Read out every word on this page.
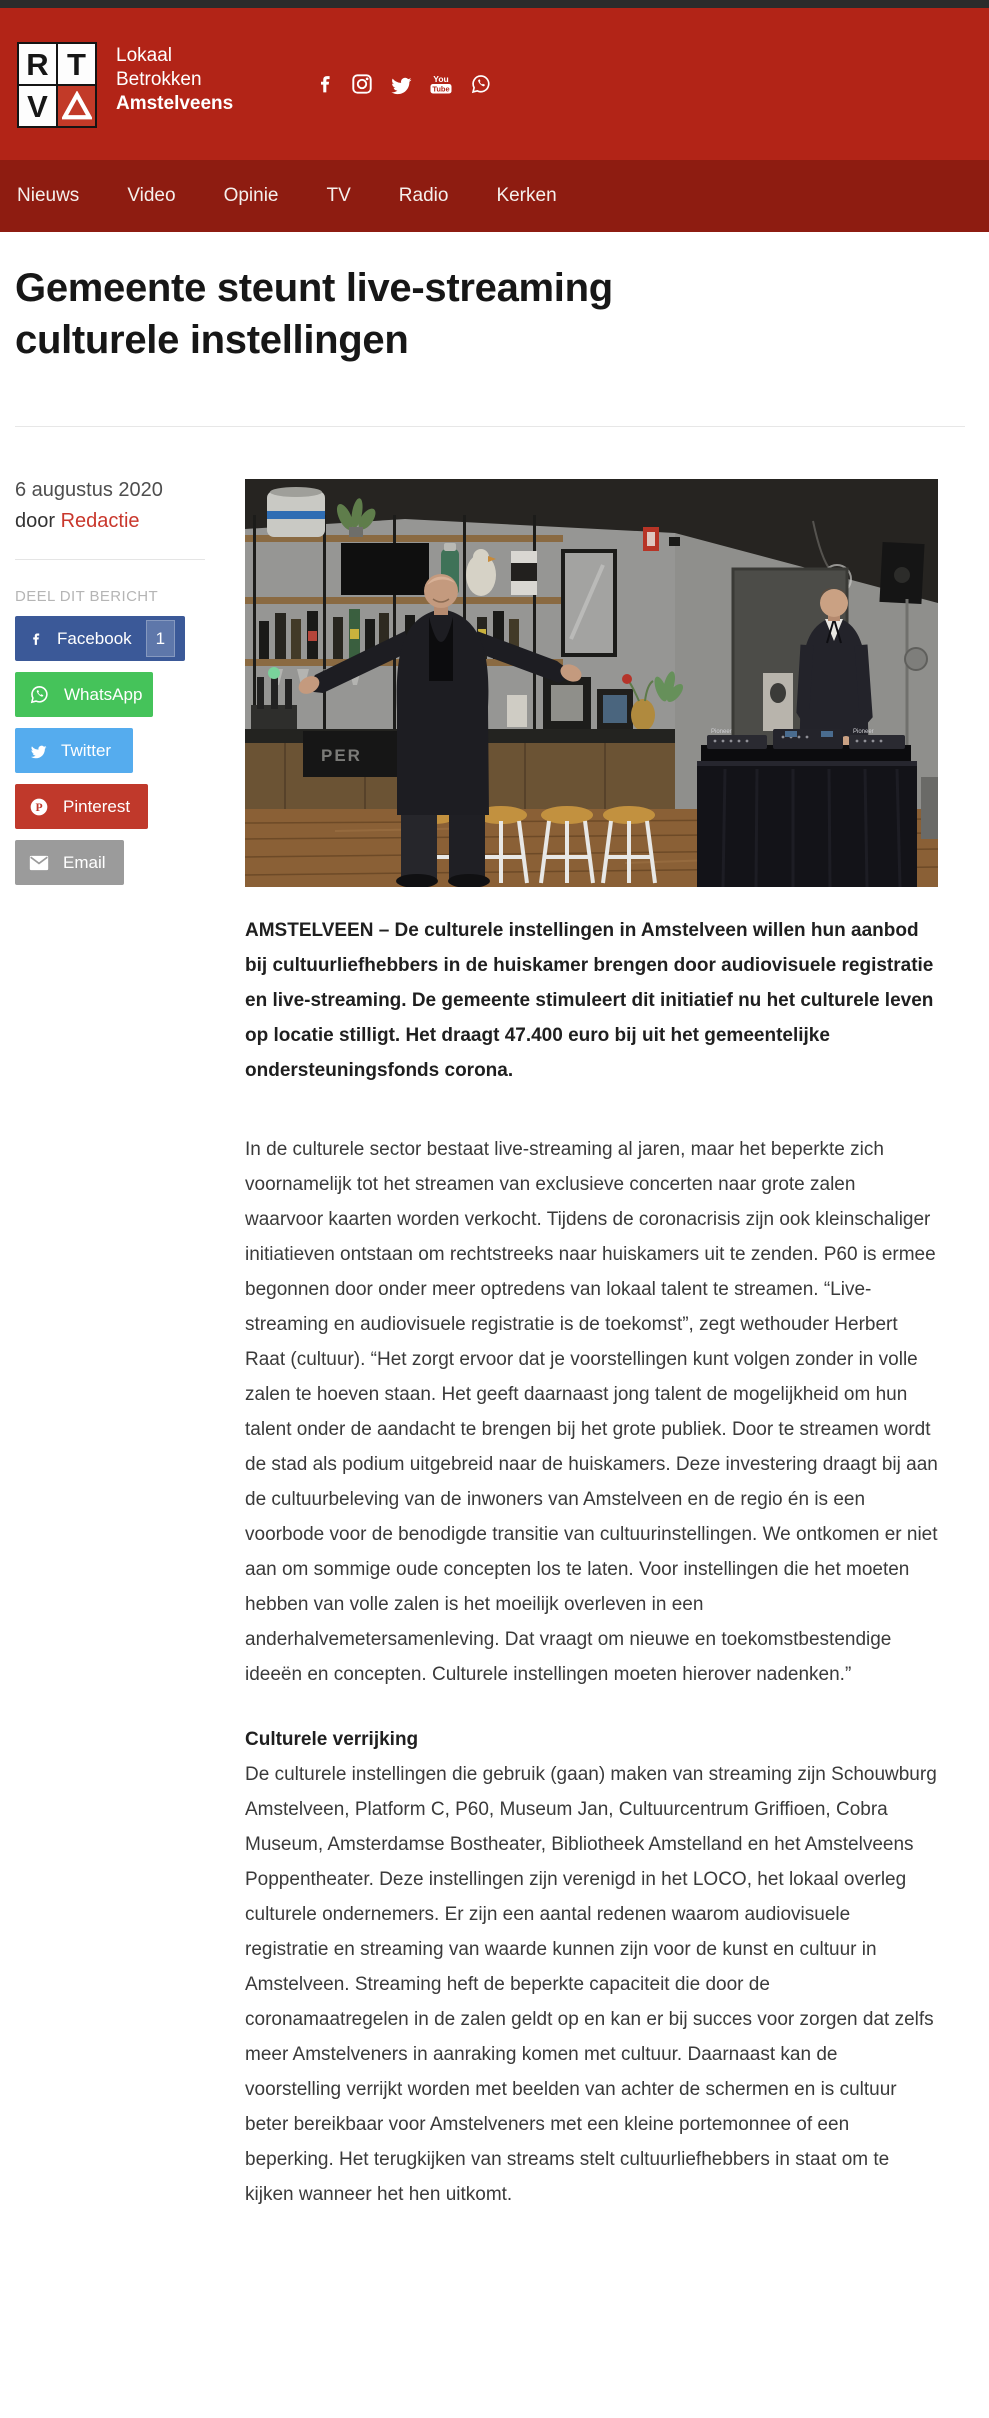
R T
V
Lokaal
Betrokken
Amstelveens
You
Tube
Nieuws	Video	Opinie	TV	Radio	Kerken
Gemeente steunt live-streaming culturele instellingen
6 augustus 2020
door Redactie
DEEL DIT BERICHT
Facebook	1
WhatsApp
Twitter
P Pinterest
Email
PER
Pioneer	Pioneer

AMSTELVEEN – De culturele instellingen in Amstelveen willen hun aanbod bij cultuurliefhebbers in de huiskamer brengen door audiovisuele registratie en live-streaming. De gemeente stimuleert dit initiatief nu het culturele leven op locatie stilligt. Het draagt 47.400 euro bij uit het gemeentelijke ondersteuningsfonds corona.

In de culturele sector bestaat live-streaming al jaren, maar het beperkte zich voornamelijk tot het streamen van exclusieve concerten naar grote zalen waarvoor kaarten worden verkocht. Tijdens de coronacrisis zijn ook kleinschaliger initiatieven ontstaan om rechtstreeks naar huiskamers uit te zenden. P60 is ermee begonnen door onder meer optredens van lokaal talent te streamen. “Live-streaming en audiovisuele registratie is de toekomst”, zegt wethouder Herbert Raat (cultuur). “Het zorgt ervoor dat je voorstellingen kunt volgen zonder in volle zalen te hoeven staan. Het geeft daarnaast jong talent de mogelijkheid om hun talent onder de aandacht te brengen bij het grote publiek. Door te streamen wordt de stad als podium uitgebreid naar de huiskamers. Deze investering draagt bij aan de cultuurbeleving van de inwoners van Amstelveen en de regio én is een voorbode voor de benodigde transitie van cultuurinstellingen. We ontkomen er niet aan om sommige oude concepten los te laten. Voor instellingen die het moeten hebben van volle zalen is het moeilijk overleven in een anderhalvemetersamenleving. Dat vraagt om nieuwe en toekomstbestendige ideeën en concepten. Culturele instellingen moeten hierover nadenken.”

Culturele verrijking

De culturele instellingen die gebruik (gaan) maken van streaming zijn Schouwburg Amstelveen, Platform C, P60, Museum Jan, Cultuurcentrum Griffioen, Cobra Museum, Amsterdamse Bostheater, Bibliotheek Amstelland en het Amstelveens Poppentheater. Deze instellingen zijn verenigd in het LOCO, het lokaal overleg culturele ondernemers. Er zijn een aantal redenen waarom audiovisuele registratie en streaming van waarde kunnen zijn voor de kunst en cultuur in Amstelveen. Streaming heft de beperkte capaciteit die door de coronamaatregelen in de zalen geldt op en kan er bij succes voor zorgen dat zelfs meer Amstelveners in aanraking komen met cultuur. Daarnaast kan de voorstelling verrijkt worden met beelden van achter de schermen en is cultuur beter bereikbaar voor Amstelveners met een kleine portemonnee of een beperking. Het terugkijken van streams stelt cultuurliefhebbers in staat om te kijken wanneer het hen uitkomt.
